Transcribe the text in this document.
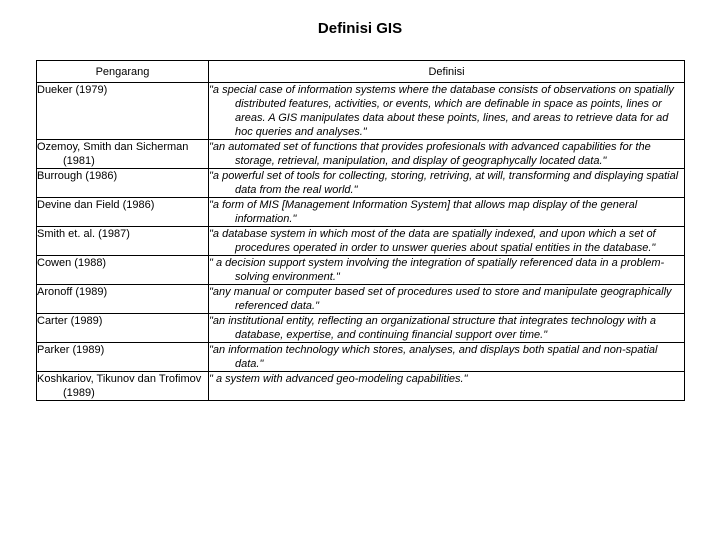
Definisi GIS
Pengarang	Definisi

Dueker (1979)	"a special case of information systems where the database consists of observations on spatially distributed features, activities, or events, which are definable in space as points, lines or areas. A GIS manipulates data about these points, lines, and areas to retrieve data for ad hoc queries and analyses."

Ozemoy, Smith dan Sicherman (1981)	"an automated set of functions that provides profesionals with advanced capabilities for the storage, retrieval, manipulation, and display of geographycally located data."

Burrough (1986)	"a powerful set of tools for collecting, storing, retriving, at will, transforming and displaying spatial data from the real world."

Devine dan Field (1986)	"a form of MIS [Management Information System] that allows map display of the general information."

Smith et. al. (1987)	"a database system in which most of the data are spatially indexed, and upon which a set of procedures operated in order to unswer queries about spatial entities in the database."

Cowen (1988)	" a decision support system involving the integration of spatially referenced data in a problem-solving environment."

Aronoff (1989)	"any manual or computer based set of procedures used to store and manipulate geographically referenced data."

Carter (1989)	"an institutional entity, reflecting an organizational structure that integrates technology with a database, expertise, and continuing financial support over time."

Parker (1989)	"an information technology which stores, analyses, and displays both spatial and non-spatial data."

Koshkariov, Tikunov dan Trofimov (1989)	" a system with advanced geo-modeling capabilities."
